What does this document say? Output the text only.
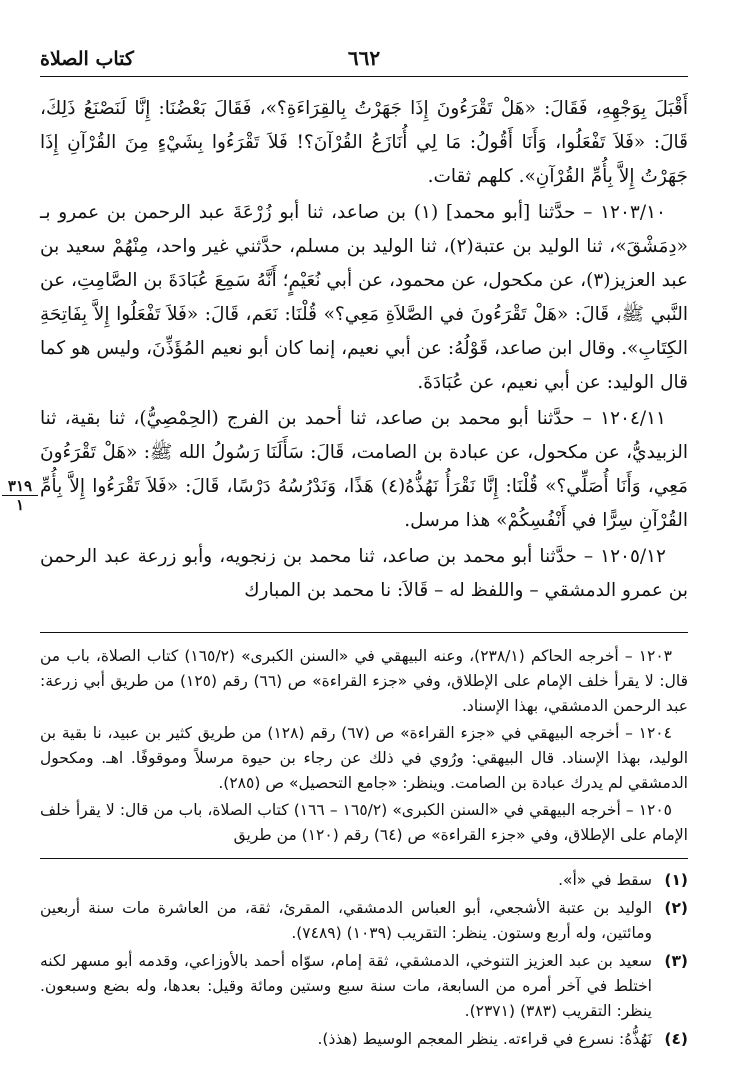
كتاب الصلاة	٦٦٢

أَقْبَلَ بِوَجْهِهِ، فَقَالَ: «هَلْ تَقْرَءُونَ إِذَا جَهَرْتُ بِالقِرَاءَةِ؟»، فَقَالَ بَعْضُنَا: إِنَّا لَنَصْنَعُ ذَلِكَ، قَالَ: «فَلاَ تَفْعَلُوا، وَأَنَا أَقُولُ: مَا لِي أُنَازَعُ القُرْآنَ؟! فَلاَ تَقْرَءُوا بِشَيْءٍ مِنَ القُرْآنِ إِذَا جَهَرْتُ إِلاَّ بِأُمِّ القُرْآنِ». كلهم ثقات.

١٢٠٣/١٠ – حدَّثنا [أبو محمد] (١) بن صاعد، ثنا أبو زُرْعَةَ عبد الرحمن بن عمرو بـ «دِمَشْقَ»، ثنا الوليد بن عتبة(٢)، ثنا الوليد بن مسلم، حدَّثني غير واحد، مِنْهُمْ سعيد بن عبد العزيز(٣)، عن مكحول، عن محمود، عن أبي نُعَيْمٍ؛ أَنَّهُ سَمِعَ عُبَادَةَ بن الصَّامِتِ، عن النَّبي ﷺ، قَالَ: «هَلْ تَقْرَءُونَ في الصَّلاَةِ مَعِي؟» قُلْنَا: نَعَم، قَالَ: «فَلاَ تَفْعَلُوا إِلاَّ بِفَاتِحَةِ الكِتَابِ». وقال ابن صاعد، قَوْلُهُ: عن أبي نعيم، إنما كان أبو نعيم المُؤَذِّنَ، وليس هو كما قال الوليد: عن أبي نعيم، عن عُبَادَةَ.

١٢٠٤/١١ – حدَّثنا أبو محمد بن صاعد، ثنا أحمد بن الفرج (الحِمْصِيُّ)، ثنا بقية، ثنا الزبيديُّ، عن مكحول، عن عبادة بن الصامت، قَالَ: سَأَلَنَا رَسُولُ الله ﷺ: «هَلْ تَقْرَءُونَ مَعِي، وَأَنَا أُصَلِّي؟» قُلْنَا: إِنَّا نَقْرَأُ نَهُذُّهُ(٤) هَذًا، وَنَدْرُسُهُ دَرْسًا، قَالَ: «فَلاَ تَقْرَءُوا إِلاَّ بِأُمِّ القُرْآنِ سِرًّا في أَنْفُسِكُمْ» هذا مرسل.

١٢٠٥/١٢ – حدَّثنا أبو محمد بن صاعد، ثنا محمد بن زنجويه، وأبو زرعة عبد الرحمن بن عمرو الدمشقي – واللفظ له – قَالاَ: نا محمد بن المبارك

٣١٩
١

١٢٠٣ – أخرجه الحاكم (٢٣٨/١)، وعنه البيهقي في «السنن الكبرى» (١٦٥/٢) كتاب الصلاة، باب من قال: لا يقرأ خلف الإمام على الإطلاق، وفي «جزء القراءة» ص (٦٦) رقم (١٢٥) من طريق أبي زرعة: عبد الرحمن الدمشقي، بهذا الإسناد.

١٢٠٤ – أخرجه البيهقي في «جزء القراءة» ص (٦٧) رقم (١٢٨) من طريق كثير بن عبيد، نا بقية بن الوليد، بهذا الإسناد. قال البيهقي: ورُوي في ذلك عن رجاء بن حيوة مرسلاً وموقوفًا. اهـ. ومكحول الدمشقي لم يدرك عبادة بن الصامت. وينظر: «جامع التحصيل» ص (٢٨٥).

١٢٠٥ – أخرجه البيهقي في «السنن الكبرى» (١٦٥/٢ – ١٦٦) كتاب الصلاة، باب من قال: لا يقرأ خلف الإمام على الإطلاق، وفي «جزء القراءة» ص (٦٤) رقم (١٢٠) من طريق

(١)
سقط في «أ».
(٢)
الوليد بن عتبة الأشجعي، أبو العباس الدمشقي، المقرئ، ثقة، من العاشرة مات سنة أربعين ومائتين، وله أربع وستون. ينظر: التقريب (١٠٣٩) (٧٤٨٩).
(٣)
سعيد بن عبد العزيز التنوخي، الدمشقي، ثقة إمام، سوّاه أحمد بالأوزاعي، وقدمه أبو مسهر لكنه اختلط في آخر أمره من السابعة، مات سنة سبع وستين ومائة وقيل: بعدها، وله بضع وسبعون. ينظر: التقريب (٣٨٣) (٢٣٧١).
(٤)
نَهُذُّهُ: نسرع في قراءته. ينظر المعجم الوسيط (هذذ).
